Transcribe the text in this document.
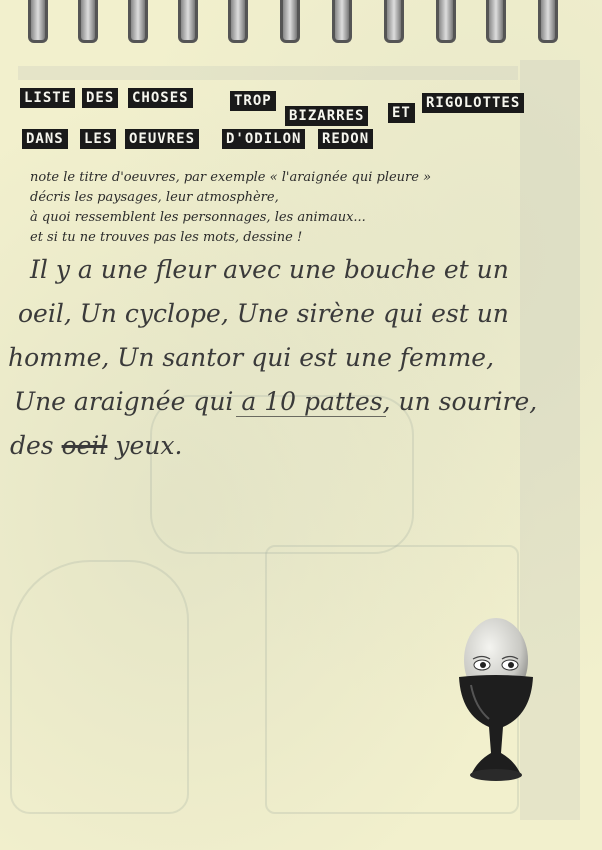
LISTE DES CHOSES	TROP
BIZARRES ET
RIGOLOTTES
DANS LES OEUVRES D'ODILON REDON
note le titre d'oeuvres, par exemple « l'araignée qui pleure »
décris les paysages, leur atmosphère,
à quoi ressemblent les personnages, les animaux...
et si tu ne trouves pas les mots, dessine !
Il y a une fleur avec une bouche et un
oeil, Un cyclope, Une sirène qui est un
homme, Un santor qui est une femme,
Une araignée qui a 10 pattes, un sourire,
des oeil yeux.
